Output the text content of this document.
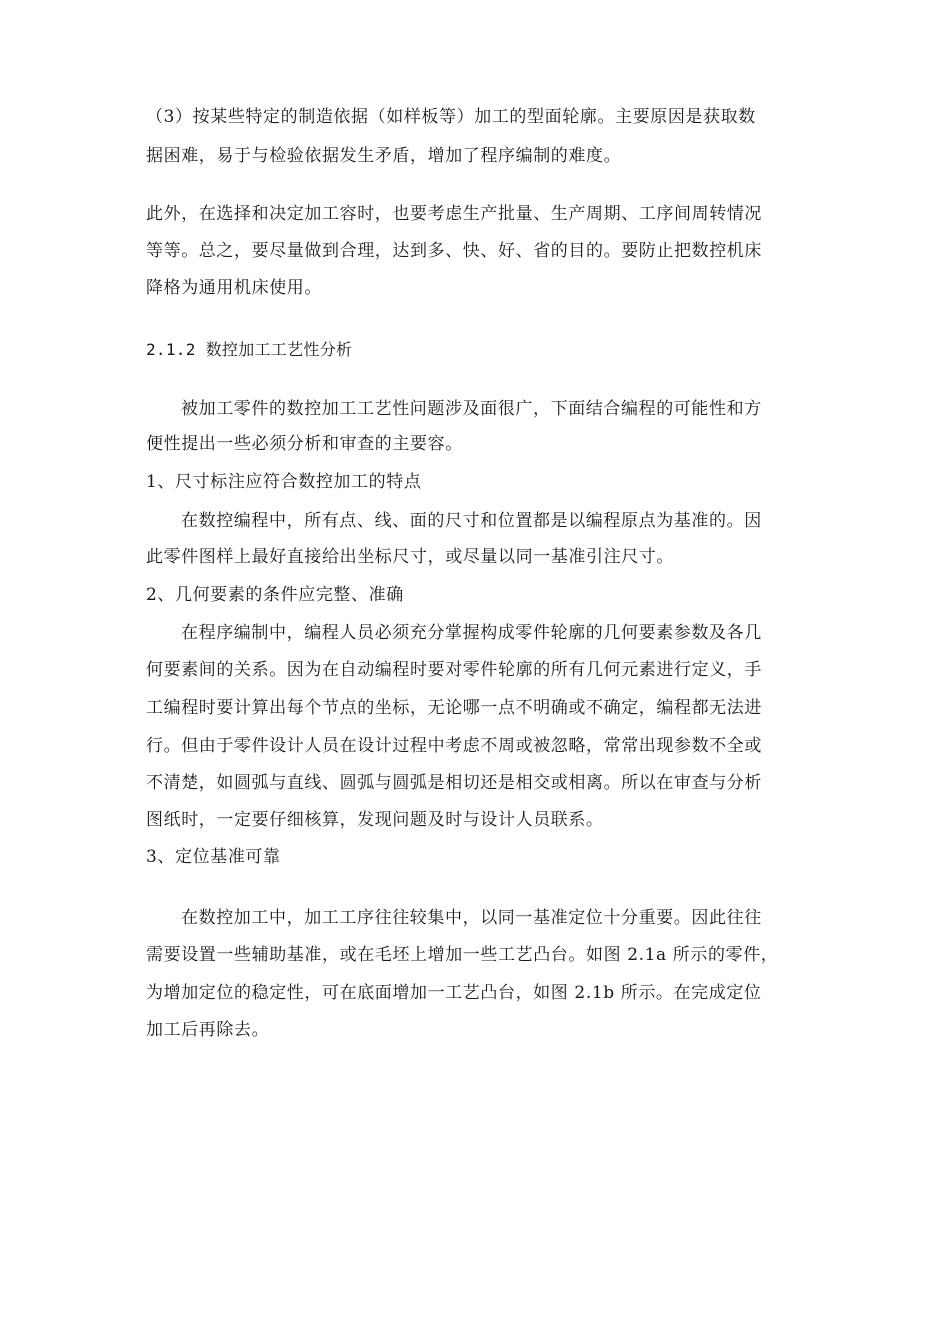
（3）按某些特定的制造依据（如样板等）加工的型面轮廓。主要原因是获取数
据困难，易于与检验依据发生矛盾，增加了程序编制的难度。
此外，在选择和决定加工容时，也要考虑生产批量、生产周期、工序间周转情况
等等。总之，要尽量做到合理，达到多、快、好、省的目的。要防止把数控机床
降格为通用机床使用。
2.1.2 数控加工工艺性分析
被加工零件的数控加工工艺性问题涉及面很广，下面结合编程的可能性和方
便性提出一些必须分析和审查的主要容。
1、尺寸标注应符合数控加工的特点
在数控编程中，所有点、线、面的尺寸和位置都是以编程原点为基准的。因
此零件图样上最好直接给出坐标尺寸，或尽量以同一基准引注尺寸。
2、几何要素的条件应完整、准确
在程序编制中，编程人员必须充分掌握构成零件轮廓的几何要素参数及各几
何要素间的关系。因为在自动编程时要对零件轮廓的所有几何元素进行定义，手
工编程时要计算出每个节点的坐标，无论哪一点不明确或不确定，编程都无法进
行。但由于零件设计人员在设计过程中考虑不周或被忽略，常常出现参数不全或
不清楚，如圆弧与直线、圆弧与圆弧是相切还是相交或相离。所以在审查与分析
图纸时，一定要仔细核算，发现问题及时与设计人员联系。
3、定位基准可靠
在数控加工中，加工工序往往较集中，以同一基准定位十分重要。因此往往
需要设置一些辅助基准，或在毛坯上增加一些工艺凸台。如图 2.1a 所示的零件，
为增加定位的稳定性，可在底面增加一工艺凸台，如图 2.1b 所示。在完成定位
加工后再除去。
